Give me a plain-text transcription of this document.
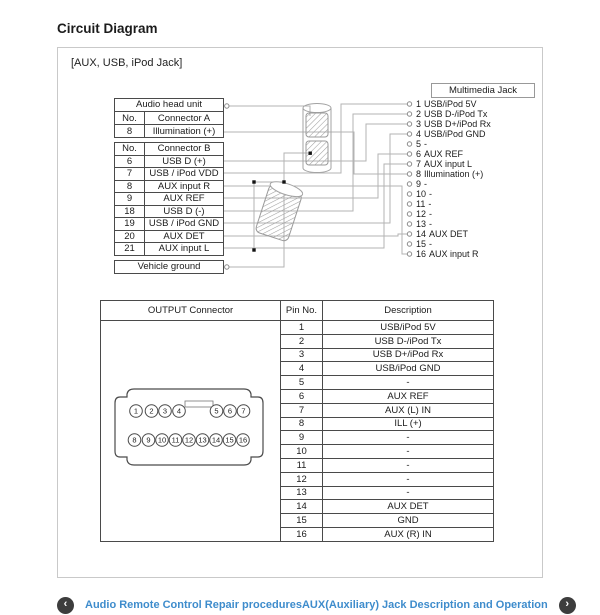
Circuit Diagram
[AUX, USB, iPod Jack]
Audio head unit
No.	Connector A
8	Illumination (+)
No.	Connector B
6	USB D (+)
7	USB / iPod VDD
8	AUX input R
9	AUX REF
18	USB D (-)
19	USB / iPod GND
20	AUX DET
21	AUX input L
Vehicle ground
Multimedia Jack
1 USB/iPod 5V
2 USB D-/iPod Tx
3 USB D+/iPod Rx
4 USB/iPod GND
5 -
6 AUX REF
7 AUX input L
8 Illumination (+)
9 -
10 -
11 -
12 -
13 -
14 AUX DET
15 -
16 AUX input R
OUTPUT Connector	Pin No.	Description
1 2 3 4	5 6 7
8 9 10 11 12 13 14 15 16
1	USB/iPod 5V
2	USB D-/iPod Tx
3	USB D+/iPod Rx
4	USB/iPod GND
5	-
6	AUX REF
7	AUX (L) IN
8	ILL (+)
9	-
10	-
11	-
12	-
13	-
14	AUX DET
15	GND
16	AUX (R) IN
‹ Audio Remote Control Repair procedures AUX(Auxiliary) Jack Description and Operation ›
